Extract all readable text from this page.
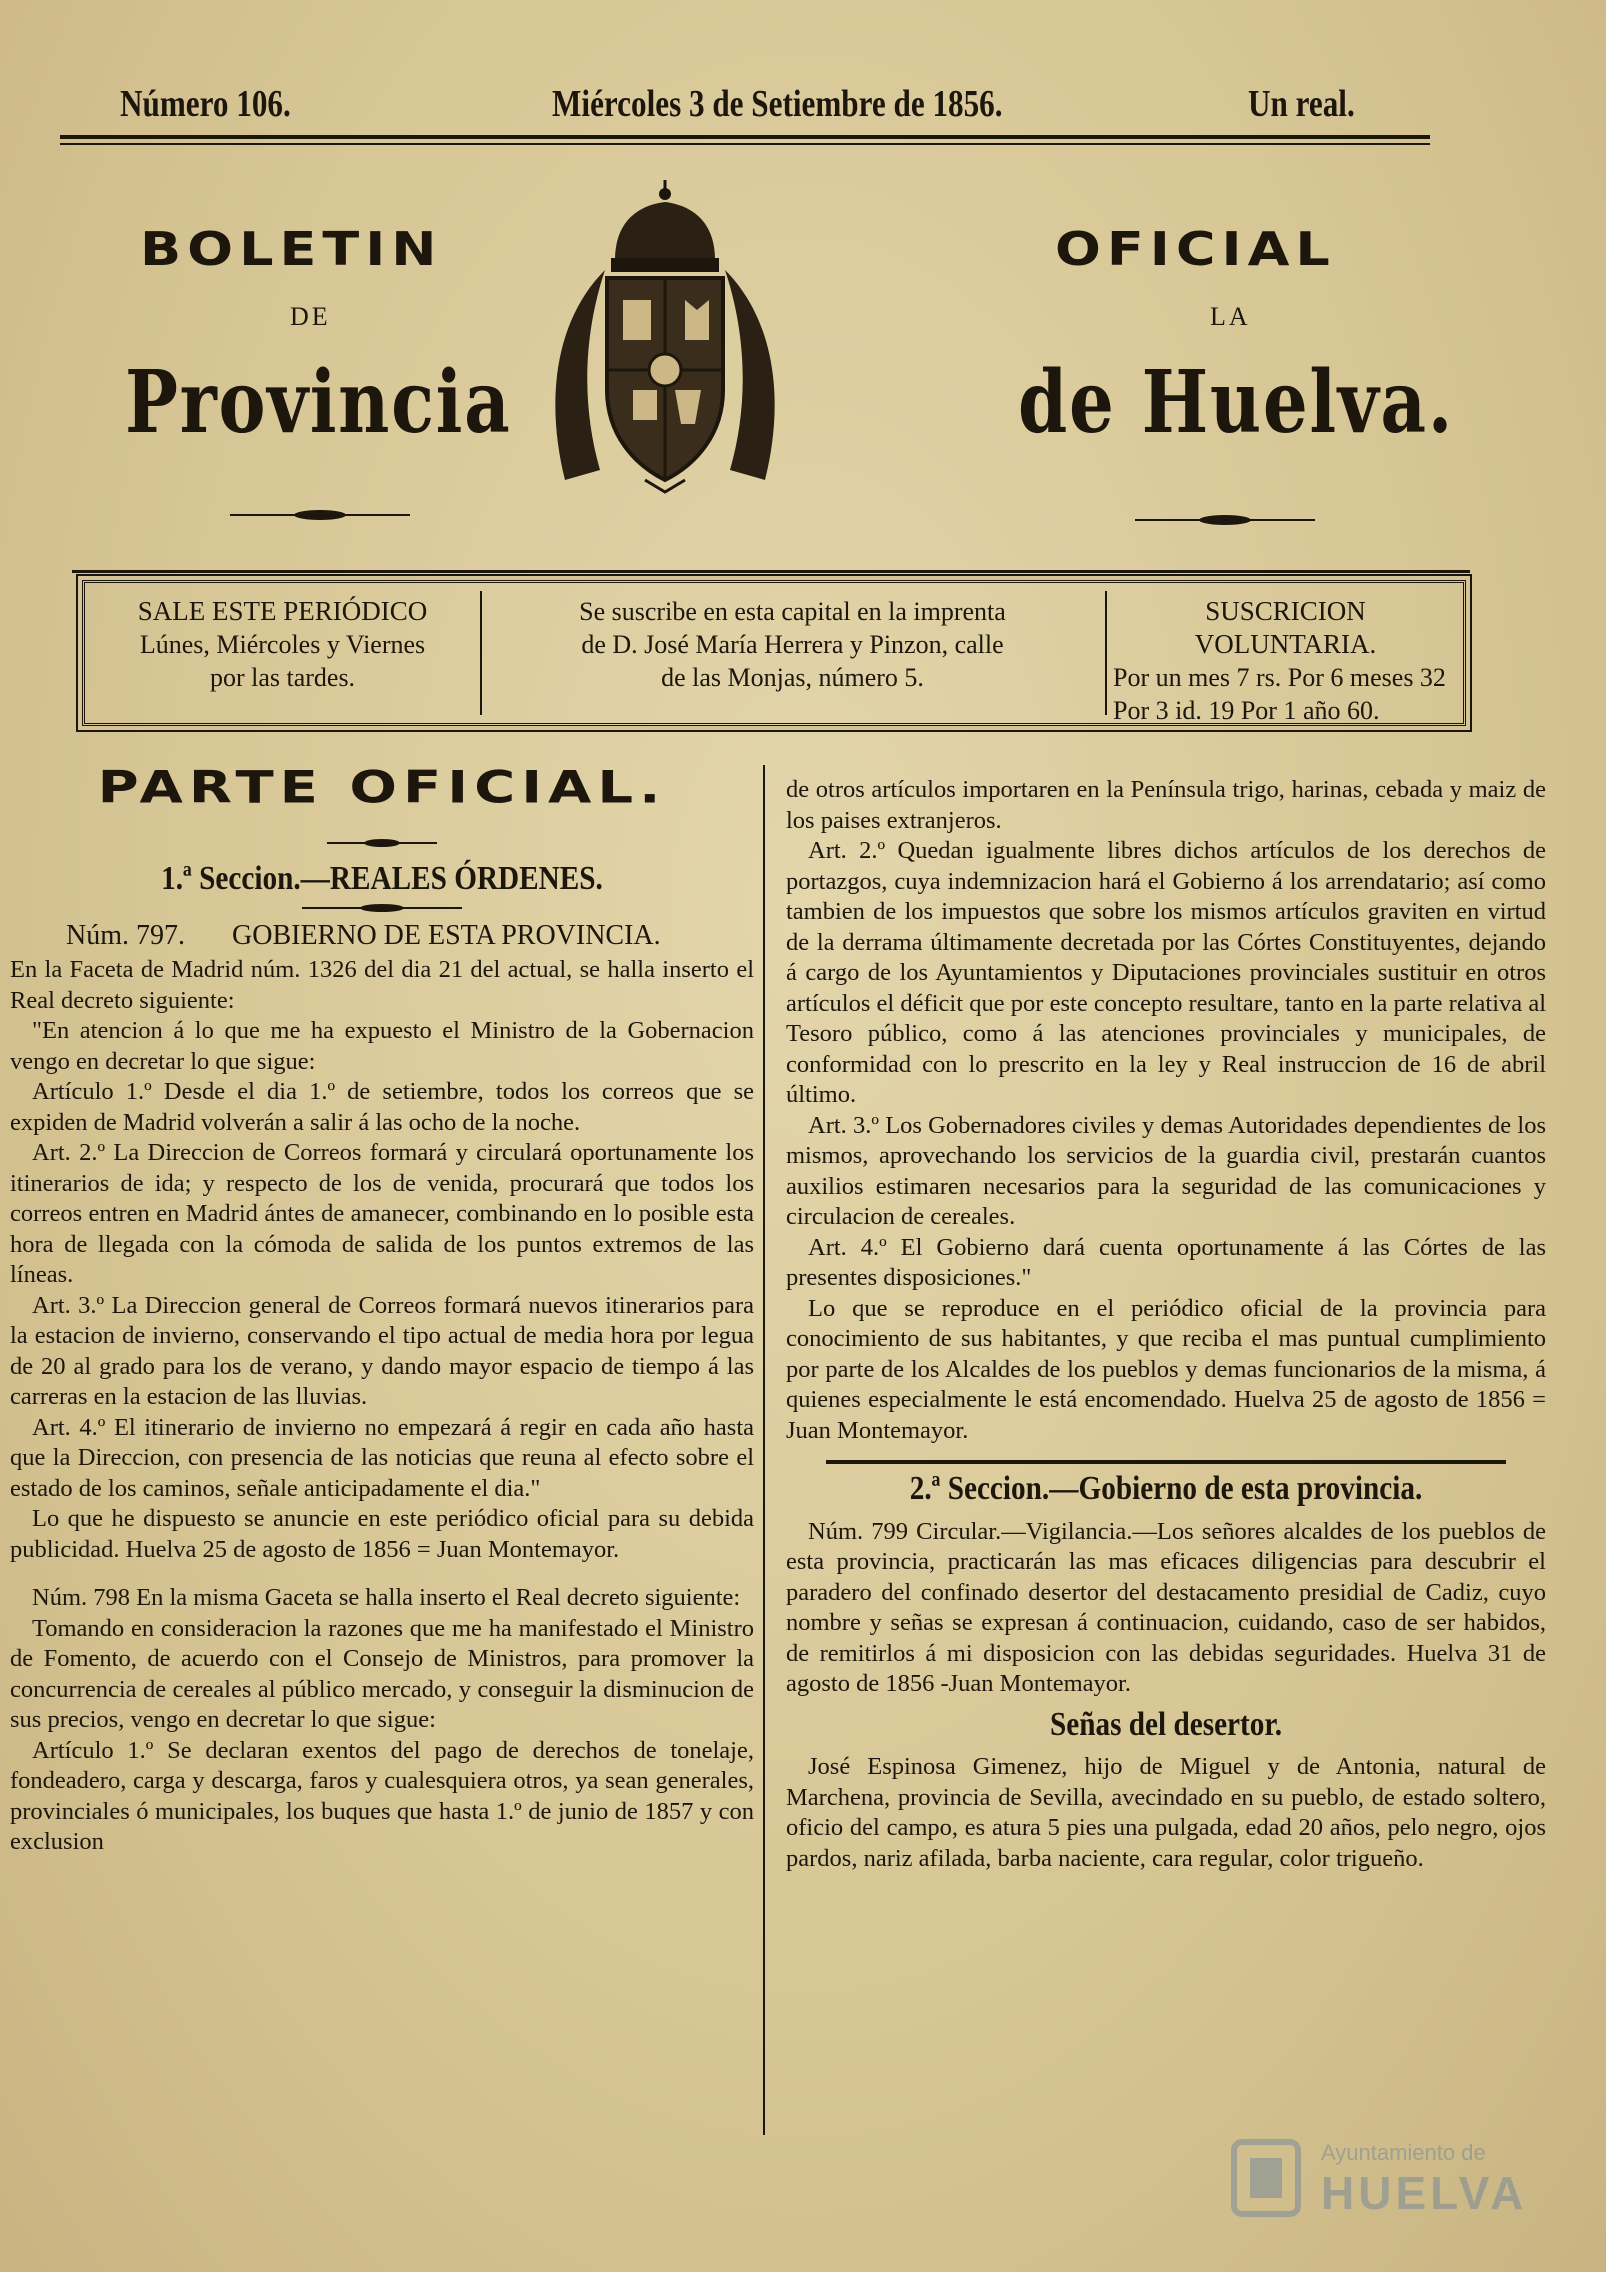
Número 106.	Miércoles 3 de Setiembre de 1856.	Un real.
BOLETIN
DE
Provincia
OFICIAL
LA
de Huelva.
SALE ESTE PERIÓDICO
Lúnes, Miércoles y Viernes
por las tardes.
Se suscribe en esta capital en la imprenta
de D. José María Herrera y Pinzon, calle
de las Monjas, número 5.
SUSCRICION VOLUNTARIA.
Por un mes 7 rs. Por 6 meses 32
Por 3 id. 19 Por 1 año 60.
PARTE OFICIAL.
1.ª Seccion.—REALES ÓRDENES.
Núm. 797. GOBIERNO DE ESTA PROVINCIA.

En la Faceta de Madrid núm. 1326 del dia 21 del actual, se halla inserto el Real decreto siguiente:

"En atencion á lo que me ha expuesto el Ministro de la Gobernacion vengo en decretar lo que sigue:

Artículo 1.º Desde el dia 1.º de setiembre, todos los correos que se expiden de Madrid volverán a salir á las ocho de la noche.

Art. 2.º La Direccion de Correos formará y circulará oportunamente los itinerarios de ida; y respecto de los de venida, procurará que todos los correos entren en Madrid ántes de amanecer, combinando en lo posible esta hora de llegada con la cómoda de salida de los puntos extremos de las líneas.

Art. 3.º La Direccion general de Correos formará nuevos itinerarios para la estacion de invierno, conservando el tipo actual de media hora por legua de 20 al grado para los de verano, y dando mayor espacio de tiempo á las carreras en la estacion de las lluvias.

Art. 4.º El itinerario de invierno no empezará á regir en cada año hasta que la Direccion, con presencia de las noticias que reuna al efecto sobre el estado de los caminos, señale anticipadamente el dia."

Lo que he dispuesto se anuncie en este periódico oficial para su debida publicidad. Huelva 25 de agosto de 1856 = Juan Montemayor.

Núm. 798 En la misma Gaceta se halla inserto el Real decreto siguiente:

Tomando en consideracion la razones que me ha manifestado el Ministro de Fomento, de acuerdo con el Consejo de Ministros, para promover la concurrencia de cereales al público mercado, y conseguir la disminucion de sus precios, vengo en decretar lo que sigue:

Artículo 1.º Se declaran exentos del pago de derechos de tonelaje, fondeadero, carga y descarga, faros y cualesquiera otros, ya sean generales, provinciales ó municipales, los buques que hasta 1.º de junio de 1857 y con exclusion

de otros artículos importaren en la Península trigo, harinas, cebada y maiz de los paises extranjeros.

Art. 2.º Quedan igualmente libres dichos artículos de los derechos de portazgos, cuya indemnizacion hará el Gobierno á los arrendatario; así como tambien de los impuestos que sobre los mismos artículos graviten en virtud de la derrama últimamente decretada por las Córtes Constituyentes, dejando á cargo de los Ayuntamientos y Diputaciones provinciales sustituir en otros artículos el déficit que por este concepto resultare, tanto en la parte relativa al Tesoro público, como á las atenciones provinciales y municipales, de conformidad con lo prescrito en la ley y Real instruccion de 16 de abril último.

Art. 3.º Los Gobernadores civiles y demas Autoridades dependientes de los mismos, aprovechando los servicios de la guardia civil, prestarán cuantos auxilios estimaren necesarios para la seguridad de las comunicaciones y circulacion de cereales.

Art. 4.º El Gobierno dará cuenta oportunamente á las Córtes de las presentes disposiciones."

Lo que se reproduce en el periódico oficial de la provincia para conocimiento de sus habitantes, y que reciba el mas puntual cumplimiento por parte de los Alcaldes de los pueblos y demas funcionarios de la misma, á quienes especialmente le está encomendado. Huelva 25 de agosto de 1856 = Juan Montemayor.

2.ª Seccion.—Gobierno de esta provincia.

Núm. 799 Circular.—Vigilancia.—Los señores alcaldes de los pueblos de esta provincia, practicarán las mas eficaces diligencias para descubrir el paradero del confinado desertor del destacamento presidial de Cadiz, cuyo nombre y señas se expresan á continuacion, cuidando, caso de ser habidos, de remitirlos á mi disposicion con las debidas seguridades. Huelva 31 de agosto de 1856 -Juan Montemayor.

Señas del desertor.

José Espinosa Gimenez, hijo de Miguel y de Antonia, natural de Marchena, provincia de Sevilla, avecindado en su pueblo, de estado soltero, oficio del campo, es atura 5 pies una pulgada, edad 20 años, pelo negro, ojos pardos, nariz afilada, barba naciente, cara regular, color trigueño.

Ayuntamiento de
HUELVA
